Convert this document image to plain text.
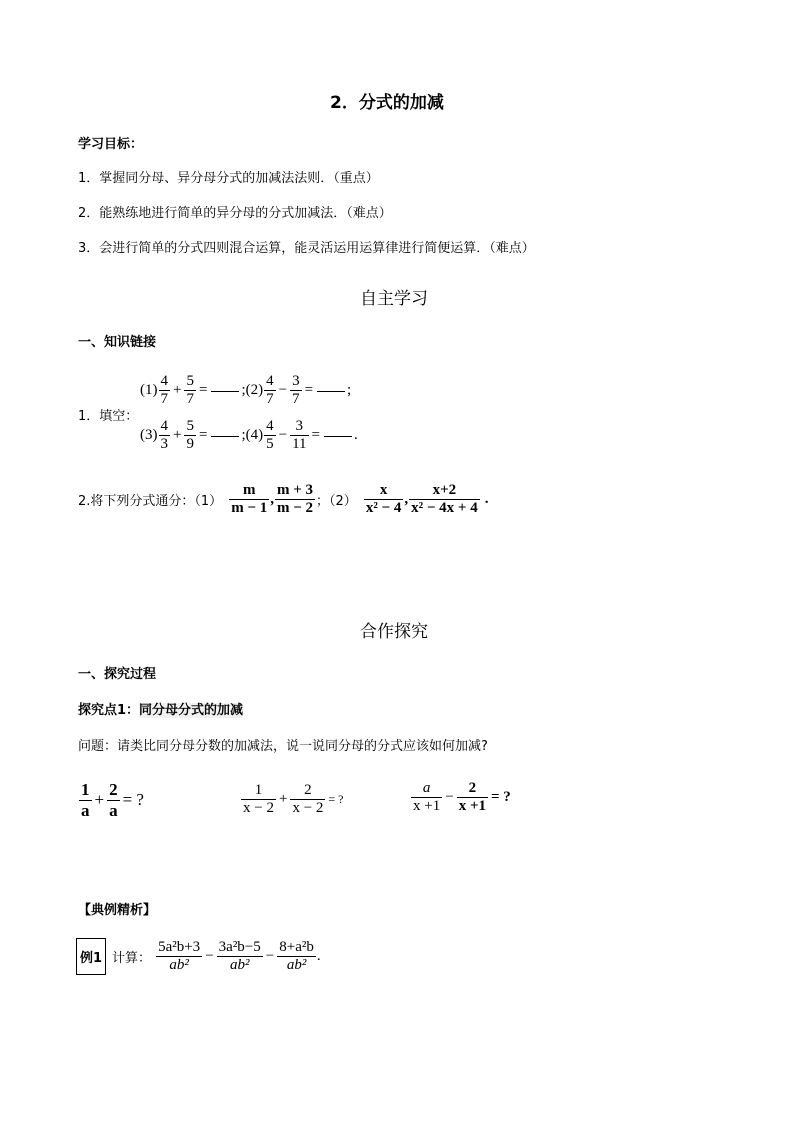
2．分式的加减
学习目标：
1．掌握同分母、异分母分式的加减法法则．（重点）
2．能熟练地进行简单的异分母的分式加减法．（难点）
3．会进行简单的分式四则混合运算，能灵活运用运算律进行简便运算．（难点）
自主学习
一、知识链接
1．填空：
$(1) \frac{4}{7} + \frac{5}{7}$ = ; $(2) \frac{4}{7} - \frac{3}{7}$ = ;
$(3) \frac{4}{3} + \frac{5}{9}$ = ; $(4) \frac{4}{5} - \frac{3}{11}$ = .
2.将下列分式通分：$(1) \frac{m}{m - 1}$ , $\frac{m + 3}{m - 2}$ ；$(2) \frac{x}{\text{x² − 4}}$ , $\frac{x+2}{\text{x² − 4x + 4}}$ .
合作探究
一、探究过程
探究点1：同分母分式的加减
问题：请类比同分母分数的加减法，说一说同分母的分式应该如何加减?
$\frac{1}{a} + \frac{2}{a}$ = ?	$\frac{1}{x - 2} + \frac{2}{x - 2}$ = ?	$\frac{a}{x +1} - \frac{2}{x +1}$ = ?
【典例精析】
例1 计算： $\frac{\text{5a²b+3}}{\text{ab²}} - \frac{\text{3a²b−5}}{\text{ab²}} - \frac{\text{8+a²b}}{\text{ab²}}$ .
